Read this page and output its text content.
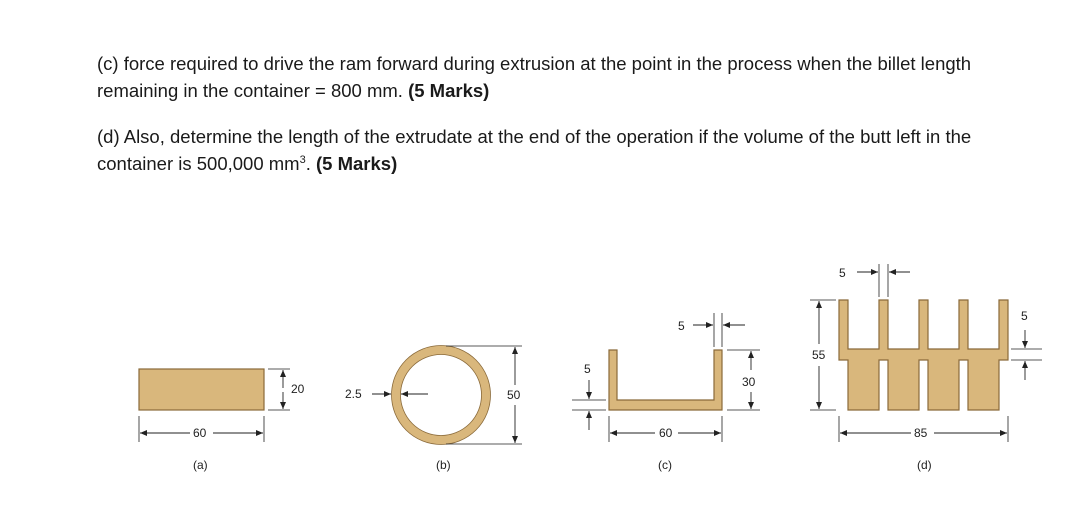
(c) force required to drive the ram forward during extrusion at the point in the process when the billet length remaining in the container = 800 mm. (5 Marks)
(d) Also, determine the length of the extrudate at the end of the operation if the volume of the butt left in the container is 500,000 $mm^3$. (5 Marks)
20
60
(a)
2.5	50
(b)
5
5
30
60
(c)
5
55
5
85
(d)
